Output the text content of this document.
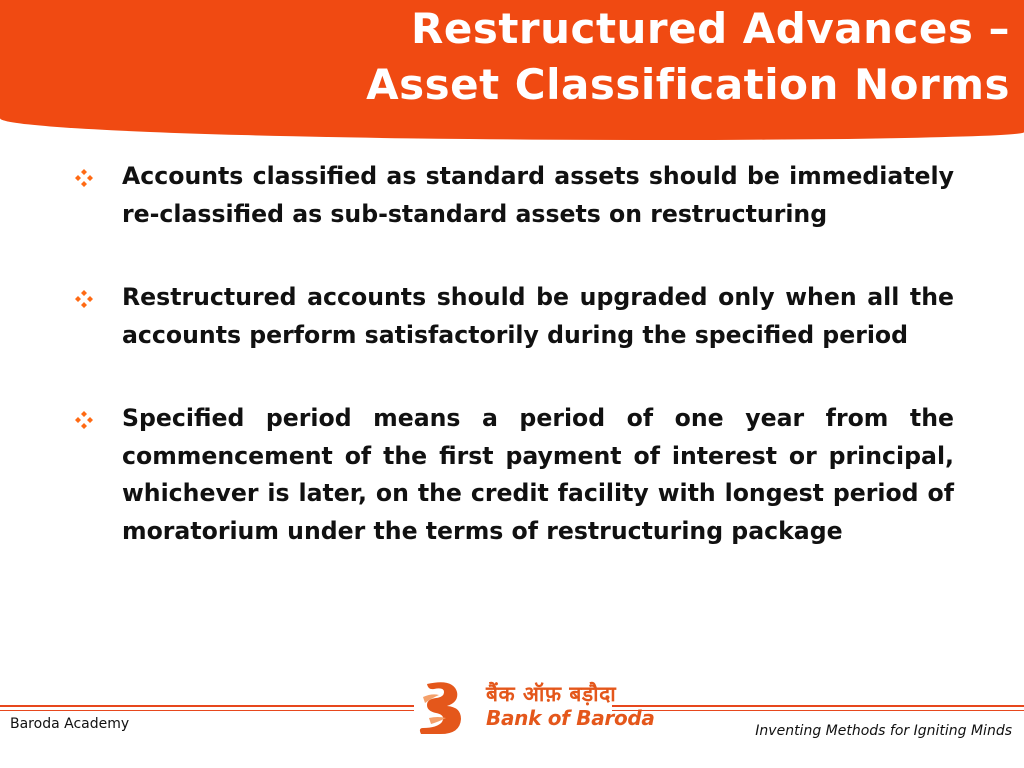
Restructured Advances –
Asset Classification Norms
Accounts classified as standard assets should be immediately re-classified as sub-standard assets on restructuring
Restructured accounts should be upgraded only when all the accounts perform satisfactorily during the specified period
Specified period means a period of one year from the commencement of the first payment of interest or principal, whichever is later, on the credit facility with longest period of moratorium under the terms of restructuring package
बैंक ऑफ़ बड़ौदा
Bank of Baroda
Baroda Academy	Inventing Methods for Igniting Minds
